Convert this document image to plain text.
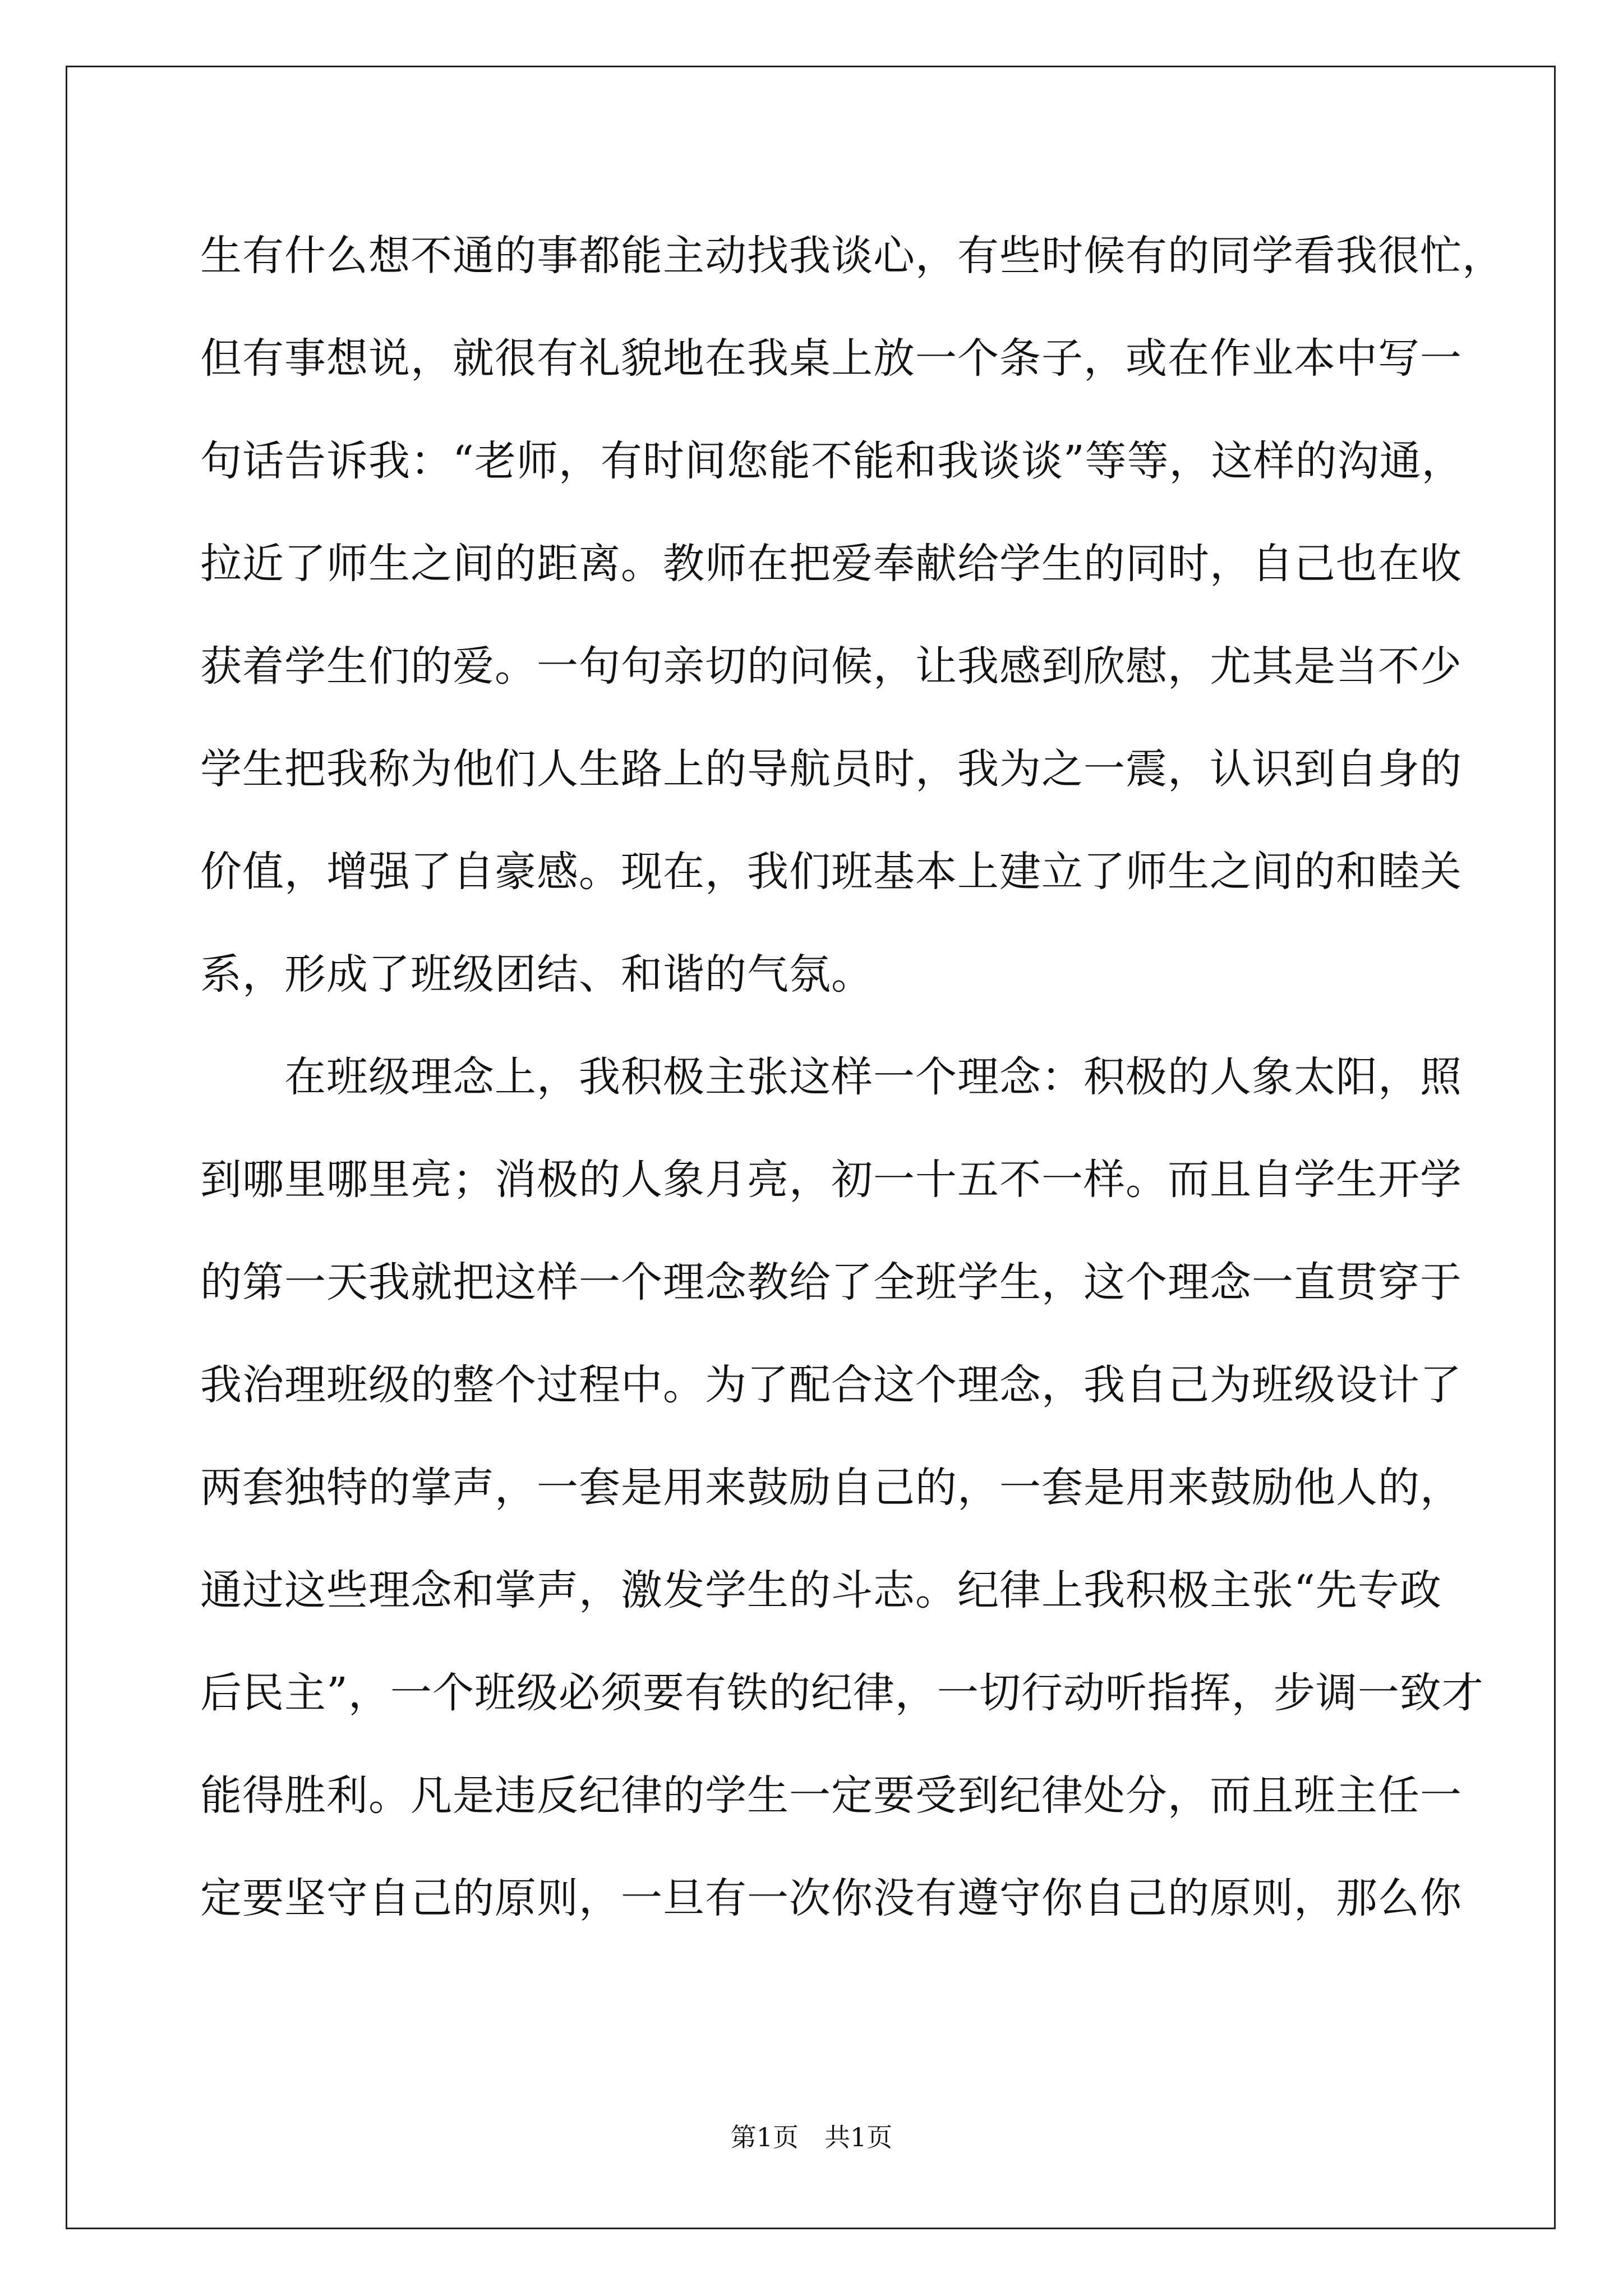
生有什么想不通的事都能主动找我谈心，有些时候有的同学看我很忙，
但有事想说，就很有礼貌地在我桌上放一个条子，或在作业本中写一
句话告诉我：“老师，有时间您能不能和我谈谈”等等，这样的沟通，
拉近了师生之间的距离。教师在把爱奉献给学生的同时，自己也在收
获着学生们的爱。一句句亲切的问候，让我感到欣慰，尤其是当不少
学生把我称为他们人生路上的导航员时，我为之一震，认识到自身的
价值，增强了自豪感。现在，我们班基本上建立了师生之间的和睦关
系，形成了班级团结、和谐的气氛。
　　在班级理念上，我积极主张这样一个理念：积极的人象太阳，照
到哪里哪里亮；消极的人象月亮，初一十五不一样。而且自学生开学
的第一天我就把这样一个理念教给了全班学生，这个理念一直贯穿于
我治理班级的整个过程中。为了配合这个理念，我自己为班级设计了
两套独特的掌声，一套是用来鼓励自己的，一套是用来鼓励他人的，
通过这些理念和掌声，激发学生的斗志。纪律上我积极主张“先专政
后民主”，一个班级必须要有铁的纪律，一切行动听指挥，步调一致才
能得胜利。凡是违反纪律的学生一定要受到纪律处分，而且班主任一
定要坚守自己的原则，一旦有一次你没有遵守你自己的原则，那么你
第1页　共1页
